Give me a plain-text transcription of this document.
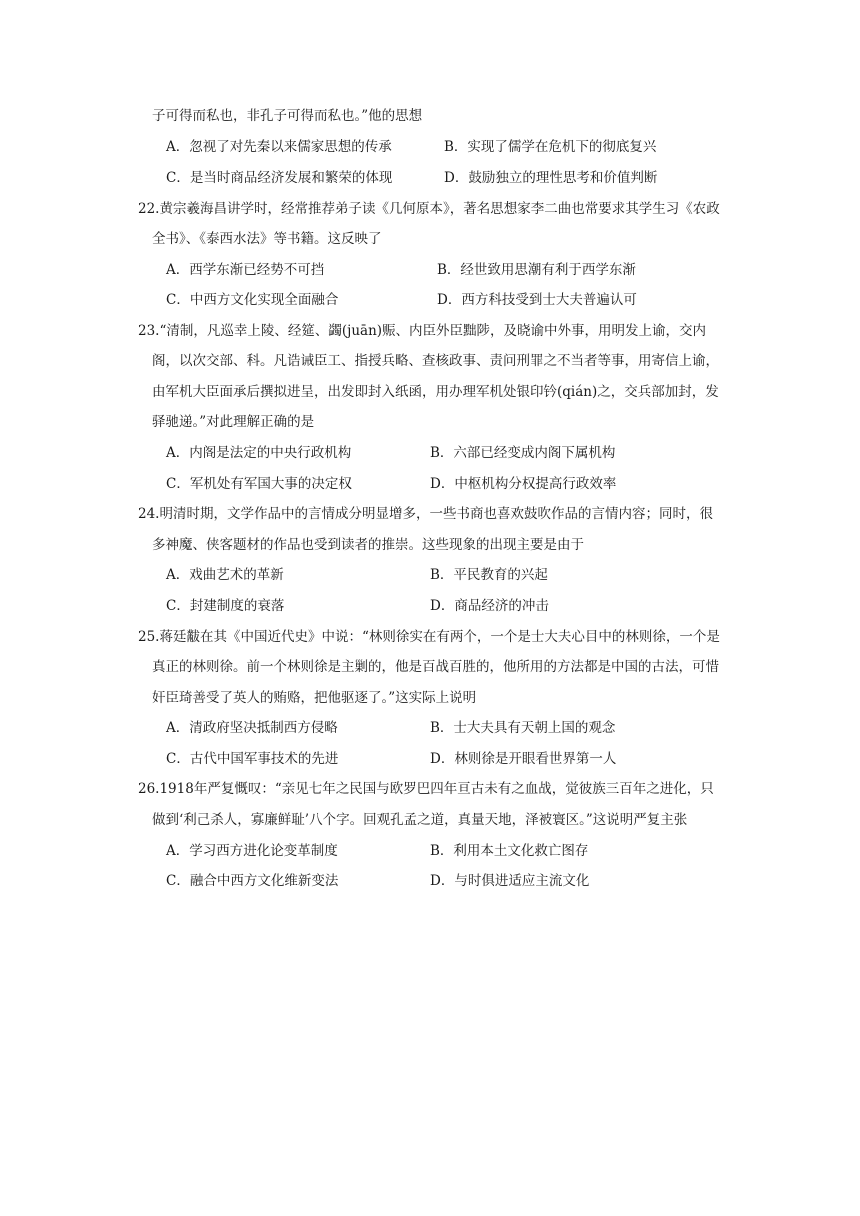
子可得而私也，非孔子可得而私也。”他的思想
A．忽视了对先秦以来儒家思想的传承	B．实现了儒学在危机下的彻底复兴
C．是当时商品经济发展和繁荣的体现	D．鼓励独立的理性思考和价值判断
22.黄宗羲海昌讲学时，经常推荐弟子读《几何原本》，著名思想家李二曲也常要求其学生习《农政
全书》、《泰西水法》等书籍。这反映了
A．西学东渐已经势不可挡	B．经世致用思潮有利于西学东渐
C．中西方文化实现全面融合	D．西方科技受到士大夫普遍认可
23.“清制，凡巡幸上陵、经筵、蠲(juān)赈、内臣外臣黜陟，及晓谕中外事，用明发上谕，交内
阁，以次交部、科。凡诰诫臣工、指授兵略、查核政事、责问刑罪之不当者等事，用寄信上谕，
由军机大臣面承后撰拟进呈，出发即封入纸函，用办理军机处银印钤(qián)之，交兵部加封，发
驿驰递。”对此理解正确的是
A．内阁是法定的中央行政机构	B．六部已经变成内阁下属机构
C．军机处有军国大事的决定权	D．中枢机构分权提高行政效率
24.明清时期，文学作品中的言情成分明显增多，一些书商也喜欢鼓吹作品的言情内容；同时，很
多神魔、侠客题材的作品也受到读者的推崇。这些现象的出现主要是由于
A．戏曲艺术的革新	B．平民教育的兴起
C．封建制度的衰落	D．商品经济的冲击
25.蒋廷黻在其《中国近代史》中说：“林则徐实在有两个，一个是士大夫心目中的林则徐，一个是
真正的林则徐。前一个林则徐是主剿的，他是百战百胜的，他所用的方法都是中国的古法，可惜
奸臣琦善受了英人的贿赂，把他驱逐了。”这实际上说明
A．清政府坚决抵制西方侵略	B．士大夫具有天朝上国的观念
C．古代中国军事技术的先进	D．林则徐是开眼看世界第一人
26.1918年严复慨叹：“亲见七年之民国与欧罗巴四年亘古未有之血战，觉彼族三百年之进化，只
做到‘利己杀人，寡廉鲜耻’八个字。回观孔孟之道，真量天地，泽被寰区。”这说明严复主张
A．学习西方进化论变革制度	B．利用本土文化救亡图存
C．融合中西方文化维新变法	D．与时俱进适应主流文化
